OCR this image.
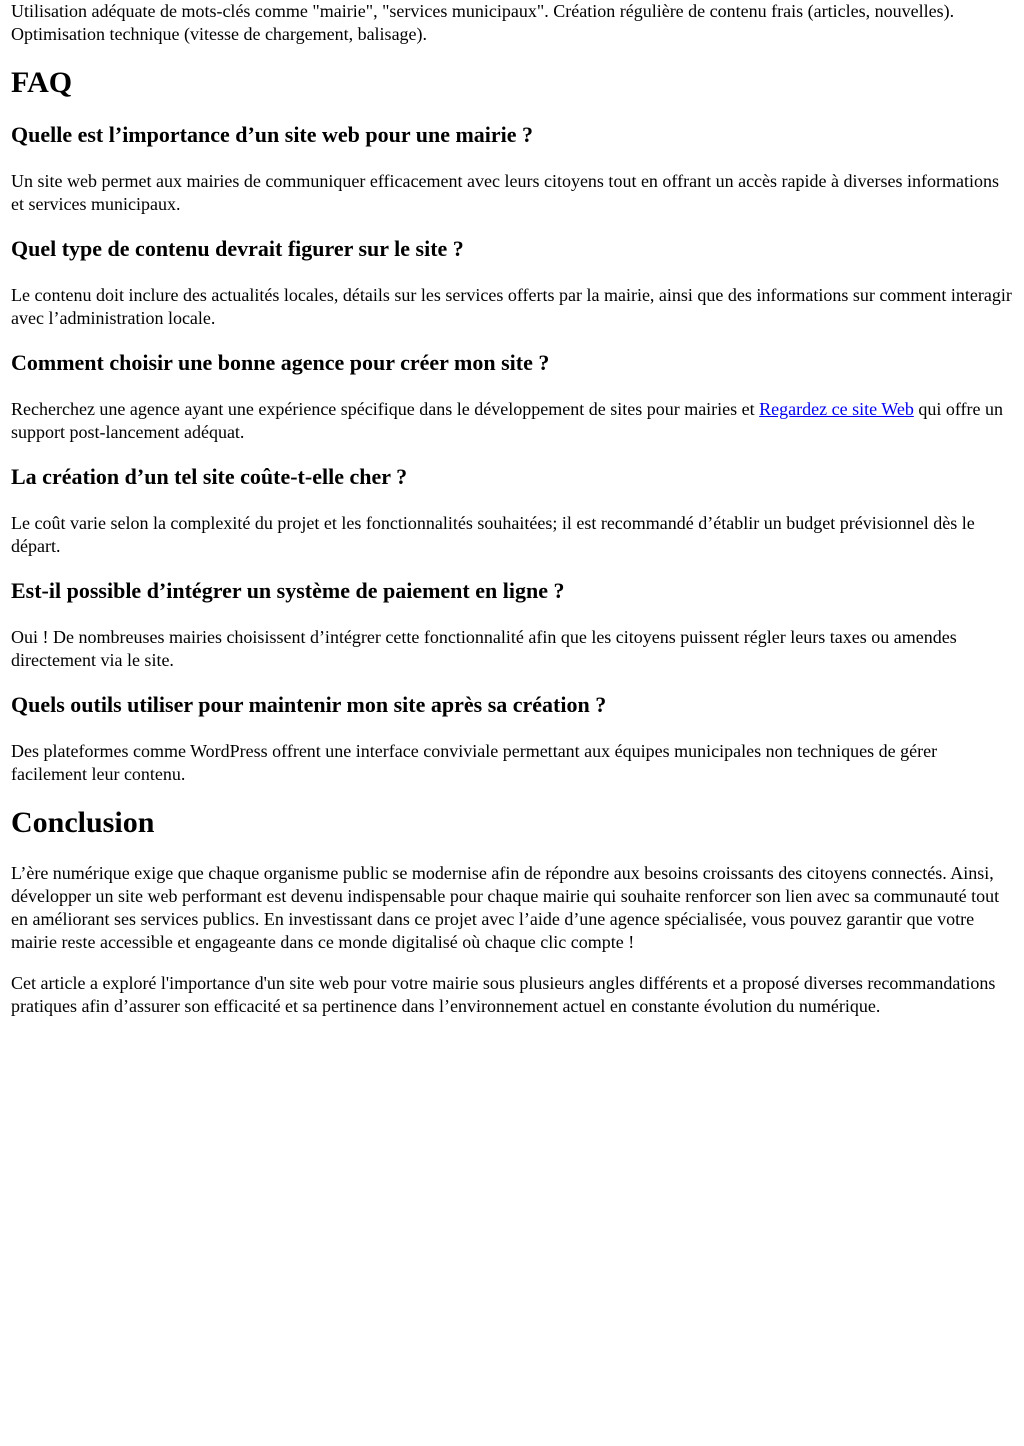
Utilisation adéquate de mots-clés comme "mairie", "services municipaux". Création régulière de contenu frais (articles, nouvelles). Optimisation technique (vitesse de chargement, balisage).

FAQ
Quelle est l’importance d’un site web pour une mairie ?

Un site web permet aux mairies de communiquer efficacement avec leurs citoyens tout en offrant un accès rapide à diverses informations et services municipaux.

Quel type de contenu devrait figurer sur le site ?

Le contenu doit inclure des actualités locales, détails sur les services offerts par la mairie, ainsi que des informations sur comment interagir avec l’administration locale.

Comment choisir une bonne agence pour créer mon site ?

Recherchez une agence ayant une expérience spécifique dans le développement de sites pour mairies et Regardez ce site Web qui offre un support post-lancement adéquat.

La création d’un tel site coûte-t-elle cher ?

Le coût varie selon la complexité du projet et les fonctionnalités souhaitées; il est recommandé d’établir un budget prévisionnel dès le départ.

Est-il possible d’intégrer un système de paiement en ligne ?

Oui ! De nombreuses mairies choisissent d’intégrer cette fonctionnalité afin que les citoyens puissent régler leurs taxes ou amendes directement via le site.

Quels outils utiliser pour maintenir mon site après sa création ?

Des plateformes comme WordPress offrent une interface conviviale permettant aux équipes municipales non techniques de gérer facilement leur contenu.

Conclusion

L’ère numérique exige que chaque organisme public se modernise afin de répondre aux besoins croissants des citoyens connectés. Ainsi, développer un site web performant est devenu indispensable pour chaque mairie qui souhaite renforcer son lien avec sa communauté tout en améliorant ses services publics. En investissant dans ce projet avec l’aide d’une agence spécialisée, vous pouvez garantir que votre mairie reste accessible et engageante dans ce monde digitalisé où chaque clic compte !

Cet article a exploré l'importance d'un site web pour votre mairie sous plusieurs angles différents et a proposé diverses recommandations pratiques afin d’assurer son efficacité et sa pertinence dans l’environnement actuel en constante évolution du numérique.
